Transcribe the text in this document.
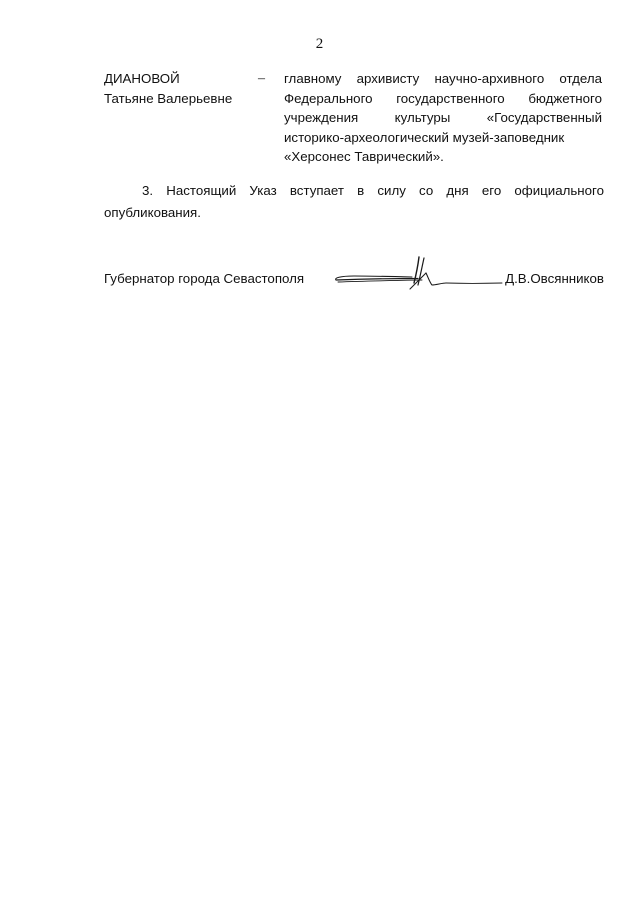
2
ДИАНОВОЙ
Татьяне Валерьевне
– главному архивисту научно-архивного отдела
Федерального государственного бюджетного
учреждения культуры «Государственный
историко-археологический музей-заповедник
«Херсонес Таврический».
3. Настоящий Указ вступает в силу со дня его официального
опубликования.
Губернатор города Севастополя	Д.В.Овсянников
